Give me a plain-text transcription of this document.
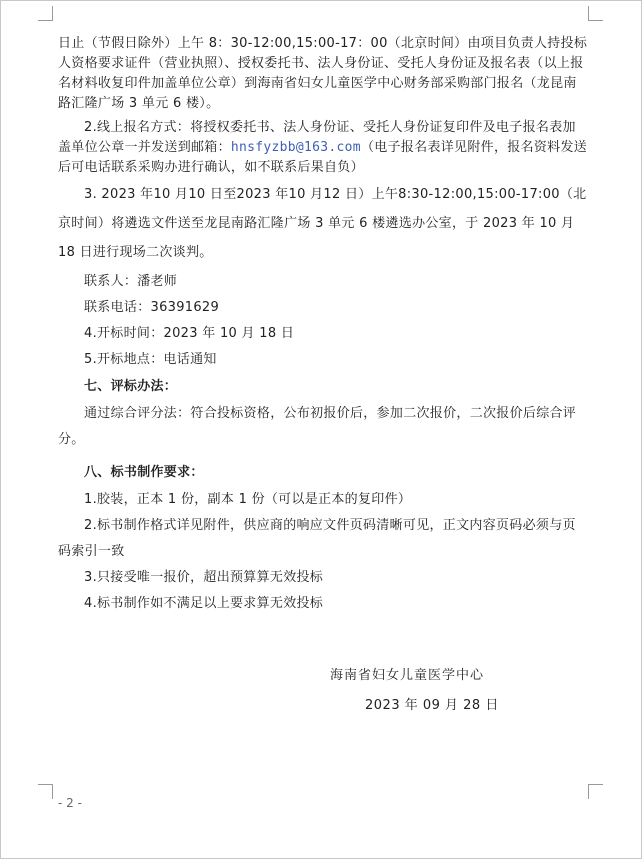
日止（节假日除外）上午 8：30-12:00,15:00-17：00（北京时间）由项目负责人持投标人资格要求证件（营业执照）、授权委托书、法人身份证、受托人身份证及报名表（以上报名材料收复印件加盖单位公章）到海南省妇女儿童医学中心财务部采购部门报名（龙昆南路汇隆广场 3 单元 6 楼）。

2.线上报名方式：将授权委托书、法人身份证、受托人身份证复印件及电子报名表加盖单位公章一并发送到邮箱：hnsfyzbb@163.com（电子报名表详见附件，报名资料发送后可电话联系采购办进行确认，如不联系后果自负）

3. 2023 年10 月10 日至2023 年10 月12 日）上午8:30-12:00,15:00-17:00（北京时间）将遴选文件送至龙昆南路汇隆广场 3 单元 6 楼遴选办公室，于 2023 年 10 月 18 日进行现场二次谈判。

联系人：潘老师
联系电话：36391629
4.开标时间：2023 年 10 月 18 日
5.开标地点：电话通知
七、评标办法：

通过综合评分法：符合投标资格，公布初报价后，参加二次报价，二次报价后综合评分。

八、标书制作要求：
1.胶装，正本 1 份，副本 1 份（可以是正本的复印件）

2.标书制作格式详见附件，供应商的响应文件页码清晰可见，正文内容页码必须与页码索引一致

3.只接受唯一报价，超出预算算无效投标
4.标书制作如不满足以上要求算无效投标
海南省妇女儿童医学中心
2023 年 09 月 28 日
- 2 -
